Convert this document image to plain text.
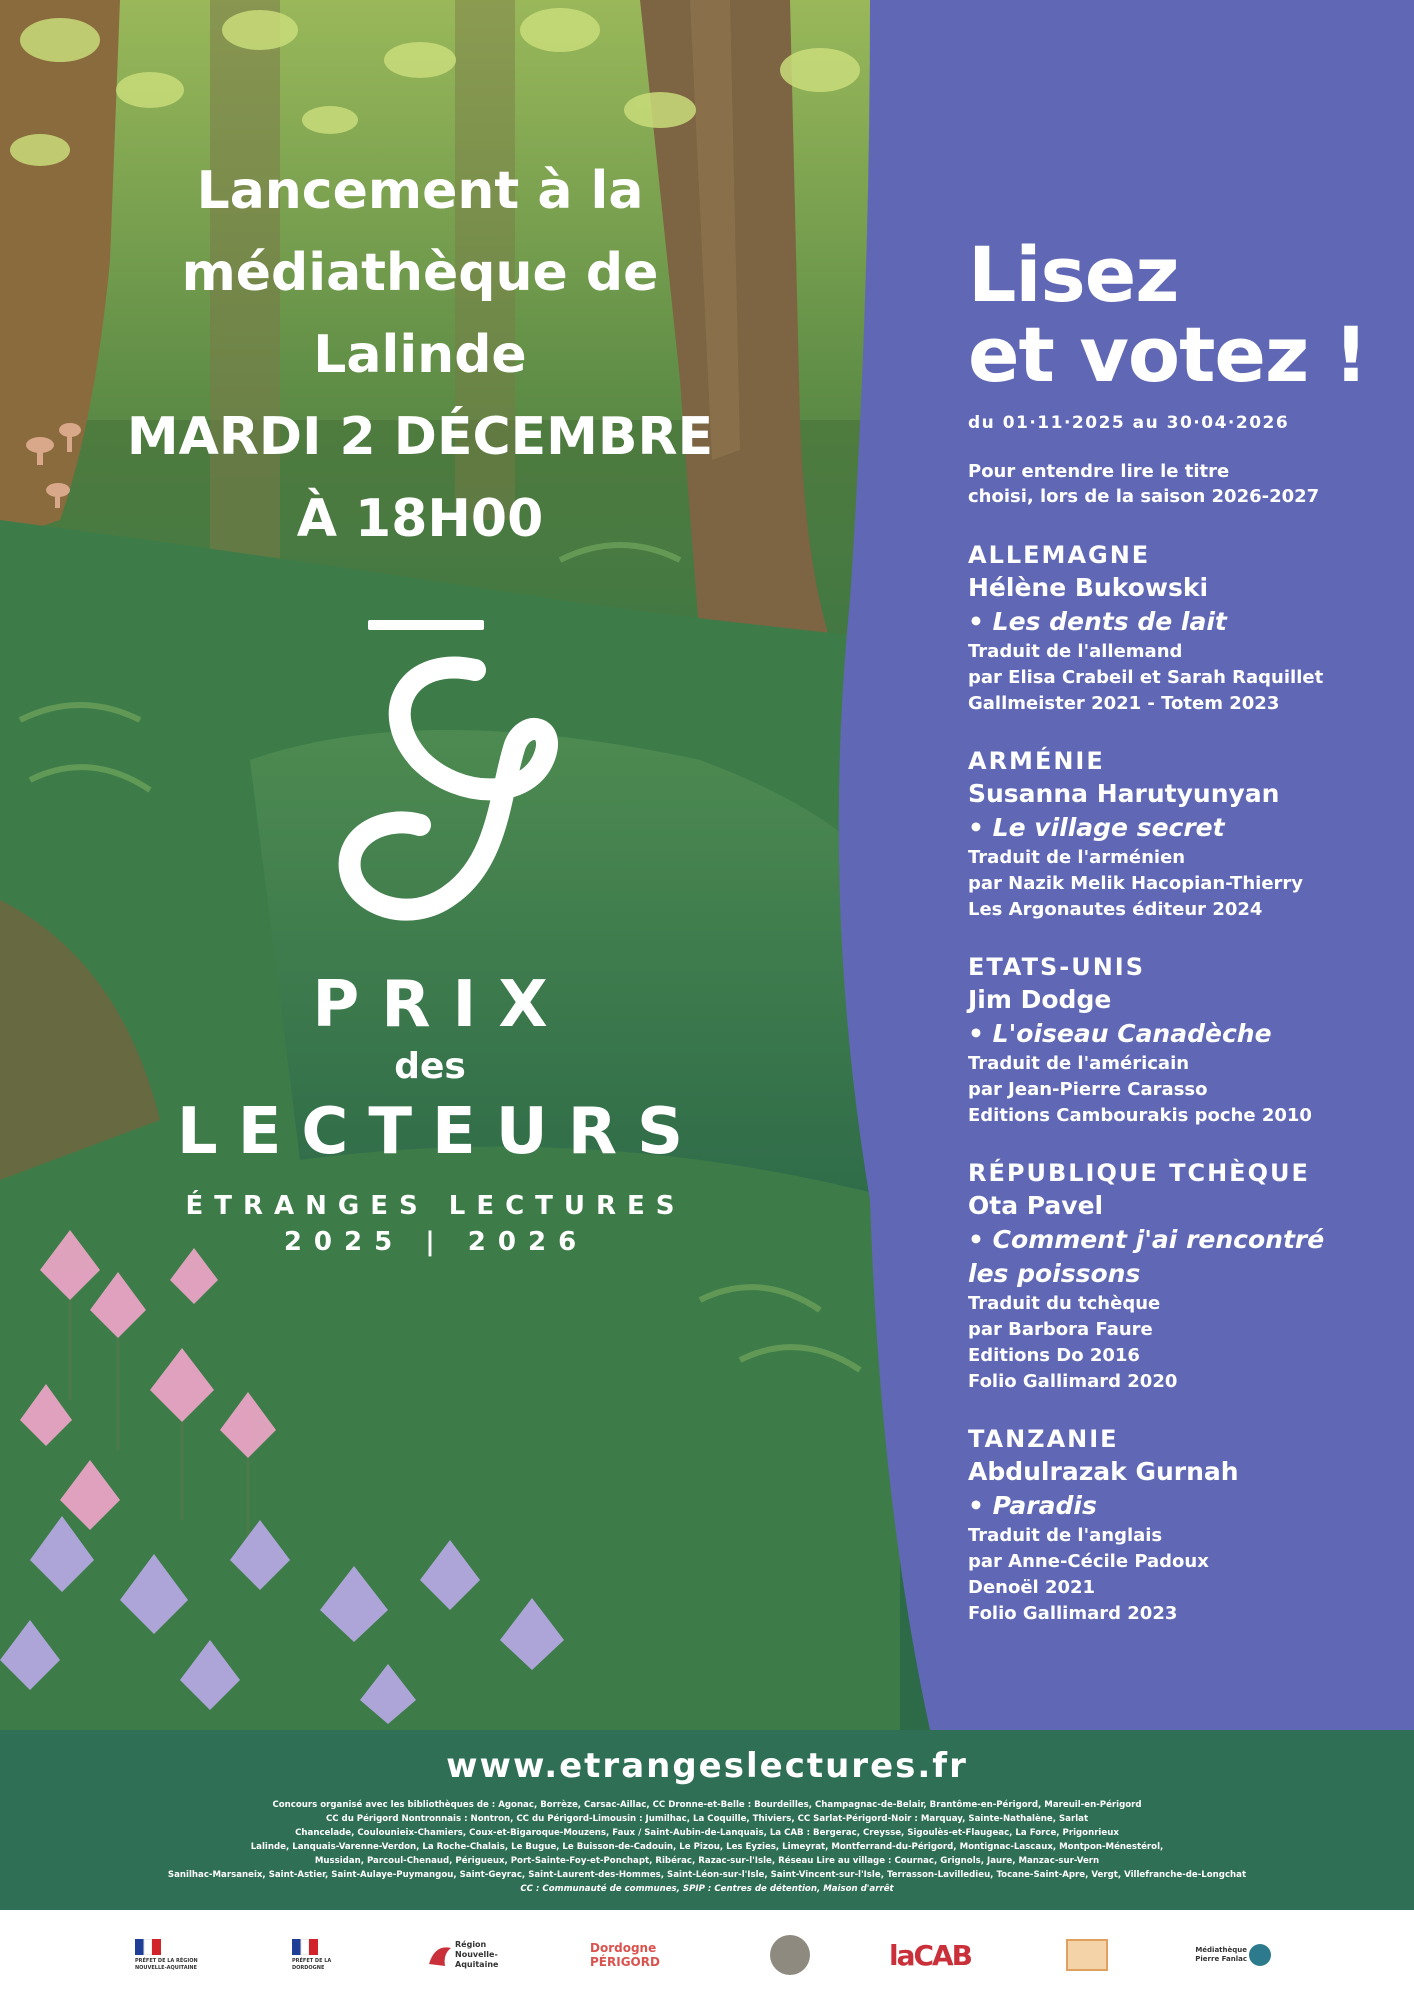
Lancement à la
médiathèque de
Lalinde
MARDI 2 DÉCEMBRE
À 18H00
PRIX
des
LECTEURS
ÉTRANGES LECTURES
2025 | 2026
Lisez
et votez !
du 01·11·2025 au 30·04·2026
Pour entendre lire le titre
choisi, lors de la saison 2026-2027
ALLEMAGNE
Hélène Bukowski
• Les dents de lait
Traduit de l'allemand
par Elisa Crabeil et Sarah Raquillet
Gallmeister 2021 - Totem 2023
ARMÉNIE
Susanna Harutyunyan
• Le village secret
Traduit de l'arménien
par Nazik Melik Hacopian-Thierry
Les Argonautes éditeur 2024
ETATS-UNIS
Jim Dodge
• L'oiseau Canadèche
Traduit de l'américain
par Jean-Pierre Carasso
Editions Cambourakis poche 2010
RÉPUBLIQUE TCHÈQUE
Ota Pavel
• Comment j'ai rencontré
les poissons
Traduit du tchèque
par Barbora Faure
Editions Do 2016
Folio Gallimard 2020
TANZANIE
Abdulrazak Gurnah
• Paradis
Traduit de l'anglais
par Anne-Cécile Padoux
Denoël 2021
Folio Gallimard 2023
www.etrangeslectures.fr
Concours organisé avec les bibliothèques de : Agonac, Borrèze, Carsac-Aillac, CC Dronne-et-Belle : Bourdeilles, Champagnac-de-Belair, Brantôme-en-Périgord, Mareuil-en-Périgord
CC du Périgord Nontronnais : Nontron, CC du Périgord-Limousin : Jumilhac, La Coquille, Thiviers, CC Sarlat-Périgord-Noir : Marquay, Sainte-Nathalène, Sarlat
Chancelade, Coulounieix-Chamiers, Coux-et-Bigaroque-Mouzens, Faux / Saint-Aubin-de-Lanquais, La CAB : Bergerac, Creysse, Sigoulès-et-Flaugeac, La Force, Prigonrieux
Lalinde, Lanquais-Varenne-Verdon, La Roche-Chalais, Le Bugue, Le Buisson-de-Cadouin, Le Pizou, Les Eyzies, Limeyrat, Montferrand-du-Périgord, Montignac-Lascaux, Montpon-Ménestérol,
Mussidan, Parcoul-Chenaud, Périgueux, Port-Sainte-Foy-et-Ponchapt, Ribérac, Razac-sur-l'Isle, Réseau Lire au village : Cournac, Grignols, Jaure, Manzac-sur-Vern
Sanilhac-Marsaneix, Saint-Astier, Saint-Aulaye-Puymangou, Saint-Geyrac, Saint-Laurent-des-Hommes, Saint-Léon-sur-l'Isle, Saint-Vincent-sur-l'Isle, Terrasson-Lavilledieu, Tocane-Saint-Apre, Vergt, Villefranche-de-Longchat
CC : Communauté de communes, SPIP : Centres de détention, Maison d'arrêt
PRÉFET DE LA RÉGION NOUVELLE-AQUITAINE
PRÉFET DE LA DORDOGNE
Région Nouvelle-Aquitaine
Dordogne PÉRIGORD	laCAB	Médiathèque Pierre Fanlac
